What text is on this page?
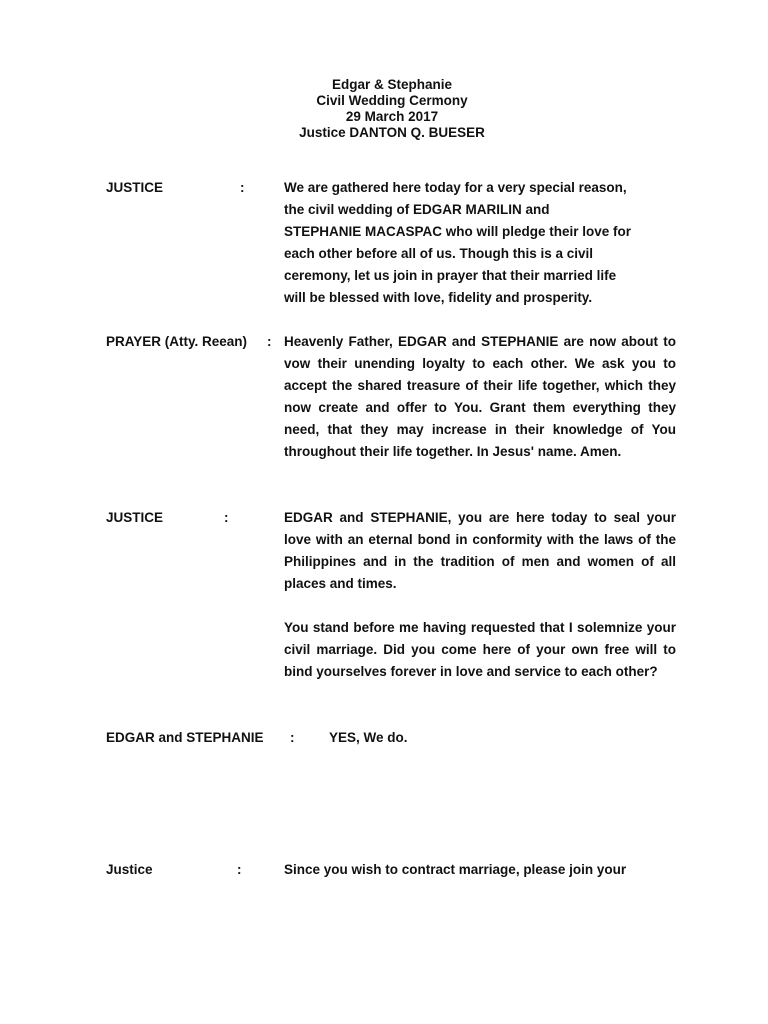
Edgar & Stephanie
Civil Wedding Cermony
29 March 2017
Justice DANTON Q. BUESER
JUSTICE	:	We are gathered here today for a very special reason,
the civil wedding of EDGAR MARILIN and
STEPHANIE MACASPAC who will pledge their love for
each other before all of us. Though this is a civil
ceremony, let us join in prayer that their married life
will be blessed with love, fidelity and prosperity.
PRAYER (Atty. Reean) : Heavenly Father, EDGAR and STEPHANIE are now about to vow their unending loyalty to each other. We ask you to accept the shared treasure of their life together, which they now create and offer to You. Grant them everything they need, that they may increase in their knowledge of You throughout their life together. In Jesus' name. Amen.
JUSTICE	:	EDGAR and STEPHANIE, you are here today to seal your love with an eternal bond in conformity with the laws of the Philippines and in the tradition of men and women of all places and times.

You stand before me having requested that I solemnize your civil marriage. Did you come here of your own free will to bind yourselves forever in love and service to each other?

EDGAR and STEPHANIE :	YES, We do.
Justice	:	Since you wish to contract marriage, please join your
